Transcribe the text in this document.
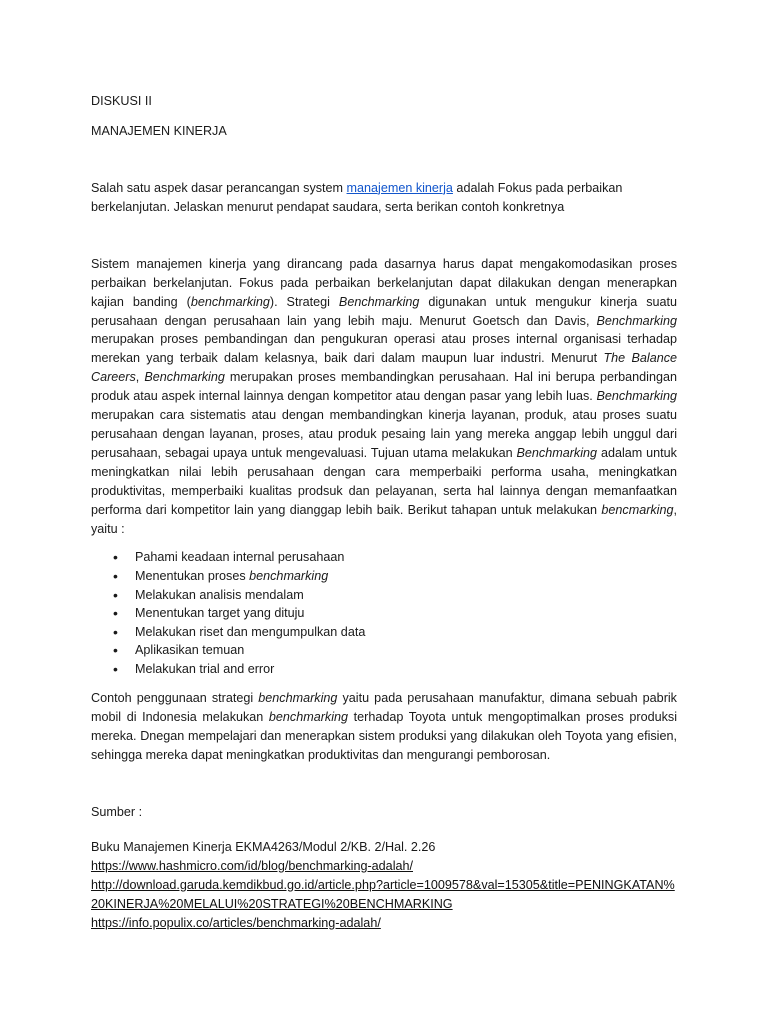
DISKUSI II

MANAJEMEN KINERJA

Salah satu aspek dasar perancangan system manajemen kinerja adalah Fokus pada perbaikan berkelanjutan. Jelaskan menurut pendapat saudara, serta berikan contoh konkretnya

Sistem manajemen kinerja yang dirancang pada dasarnya harus dapat mengakomodasikan proses perbaikan berkelanjutan. Fokus pada perbaikan berkelanjutan dapat dilakukan dengan menerapkan kajian banding (benchmarking). Strategi Benchmarking digunakan untuk mengukur kinerja suatu perusahaan dengan perusahaan lain yang lebih maju. Menurut Goetsch dan Davis, Benchmarking merupakan proses pembandingan dan pengukuran operasi atau proses internal organisasi terhadap merekan yang terbaik dalam kelasnya, baik dari dalam maupun luar industri. Menurut The Balance Careers, Benchmarking merupakan proses membandingkan perusahaan. Hal ini berupa perbandingan produk atau aspek internal lainnya dengan kompetitor atau dengan pasar yang lebih luas. Benchmarking merupakan cara sistematis atau dengan membandingkan kinerja layanan, produk, atau proses suatu perusahaan dengan layanan, proses, atau produk pesaing lain yang mereka anggap lebih unggul dari perusahaan, sebagai upaya untuk mengevaluasi. Tujuan utama melakukan Benchmarking adalam untuk meningkatkan nilai lebih perusahaan dengan cara memperbaiki performa usaha, meningkatkan produktivitas, memperbaiki kualitas prodsuk dan pelayanan, serta hal lainnya dengan memanfaatkan performa dari kompetitor lain yang dianggap lebih baik. Berikut tahapan untuk melakukan bencmarking, yaitu :

• Pahami keadaan internal perusahaan
• Menentukan proses benchmarking
• Melakukan analisis mendalam
• Menentukan target yang dituju
• Melakukan riset dan mengumpulkan data
• Aplikasikan temuan
• Melakukan trial and error

Contoh penggunaan strategi benchmarking yaitu pada perusahaan manufaktur, dimana sebuah pabrik mobil di Indonesia melakukan benchmarking terhadap Toyota untuk mengoptimalkan proses produksi mereka. Dnegan mempelajari dan menerapkan sistem produksi yang dilakukan oleh Toyota yang efisien, sehingga mereka dapat meningkatkan produktivitas dan mengurangi pemborosan.

Sumber :

Buku Manajemen Kinerja EKMA4263/Modul 2/KB. 2/Hal. 2.26
https://www.hashmicro.com/id/blog/benchmarking-adalah/
http://download.garuda.kemdikbud.go.id/article.php?article=1009578&val=15305&title=PENINGKATAN%20KINERJA%20MELALUI%20STRATEGI%20BENCHMARKING
https://info.populix.co/articles/benchmarking-adalah/
